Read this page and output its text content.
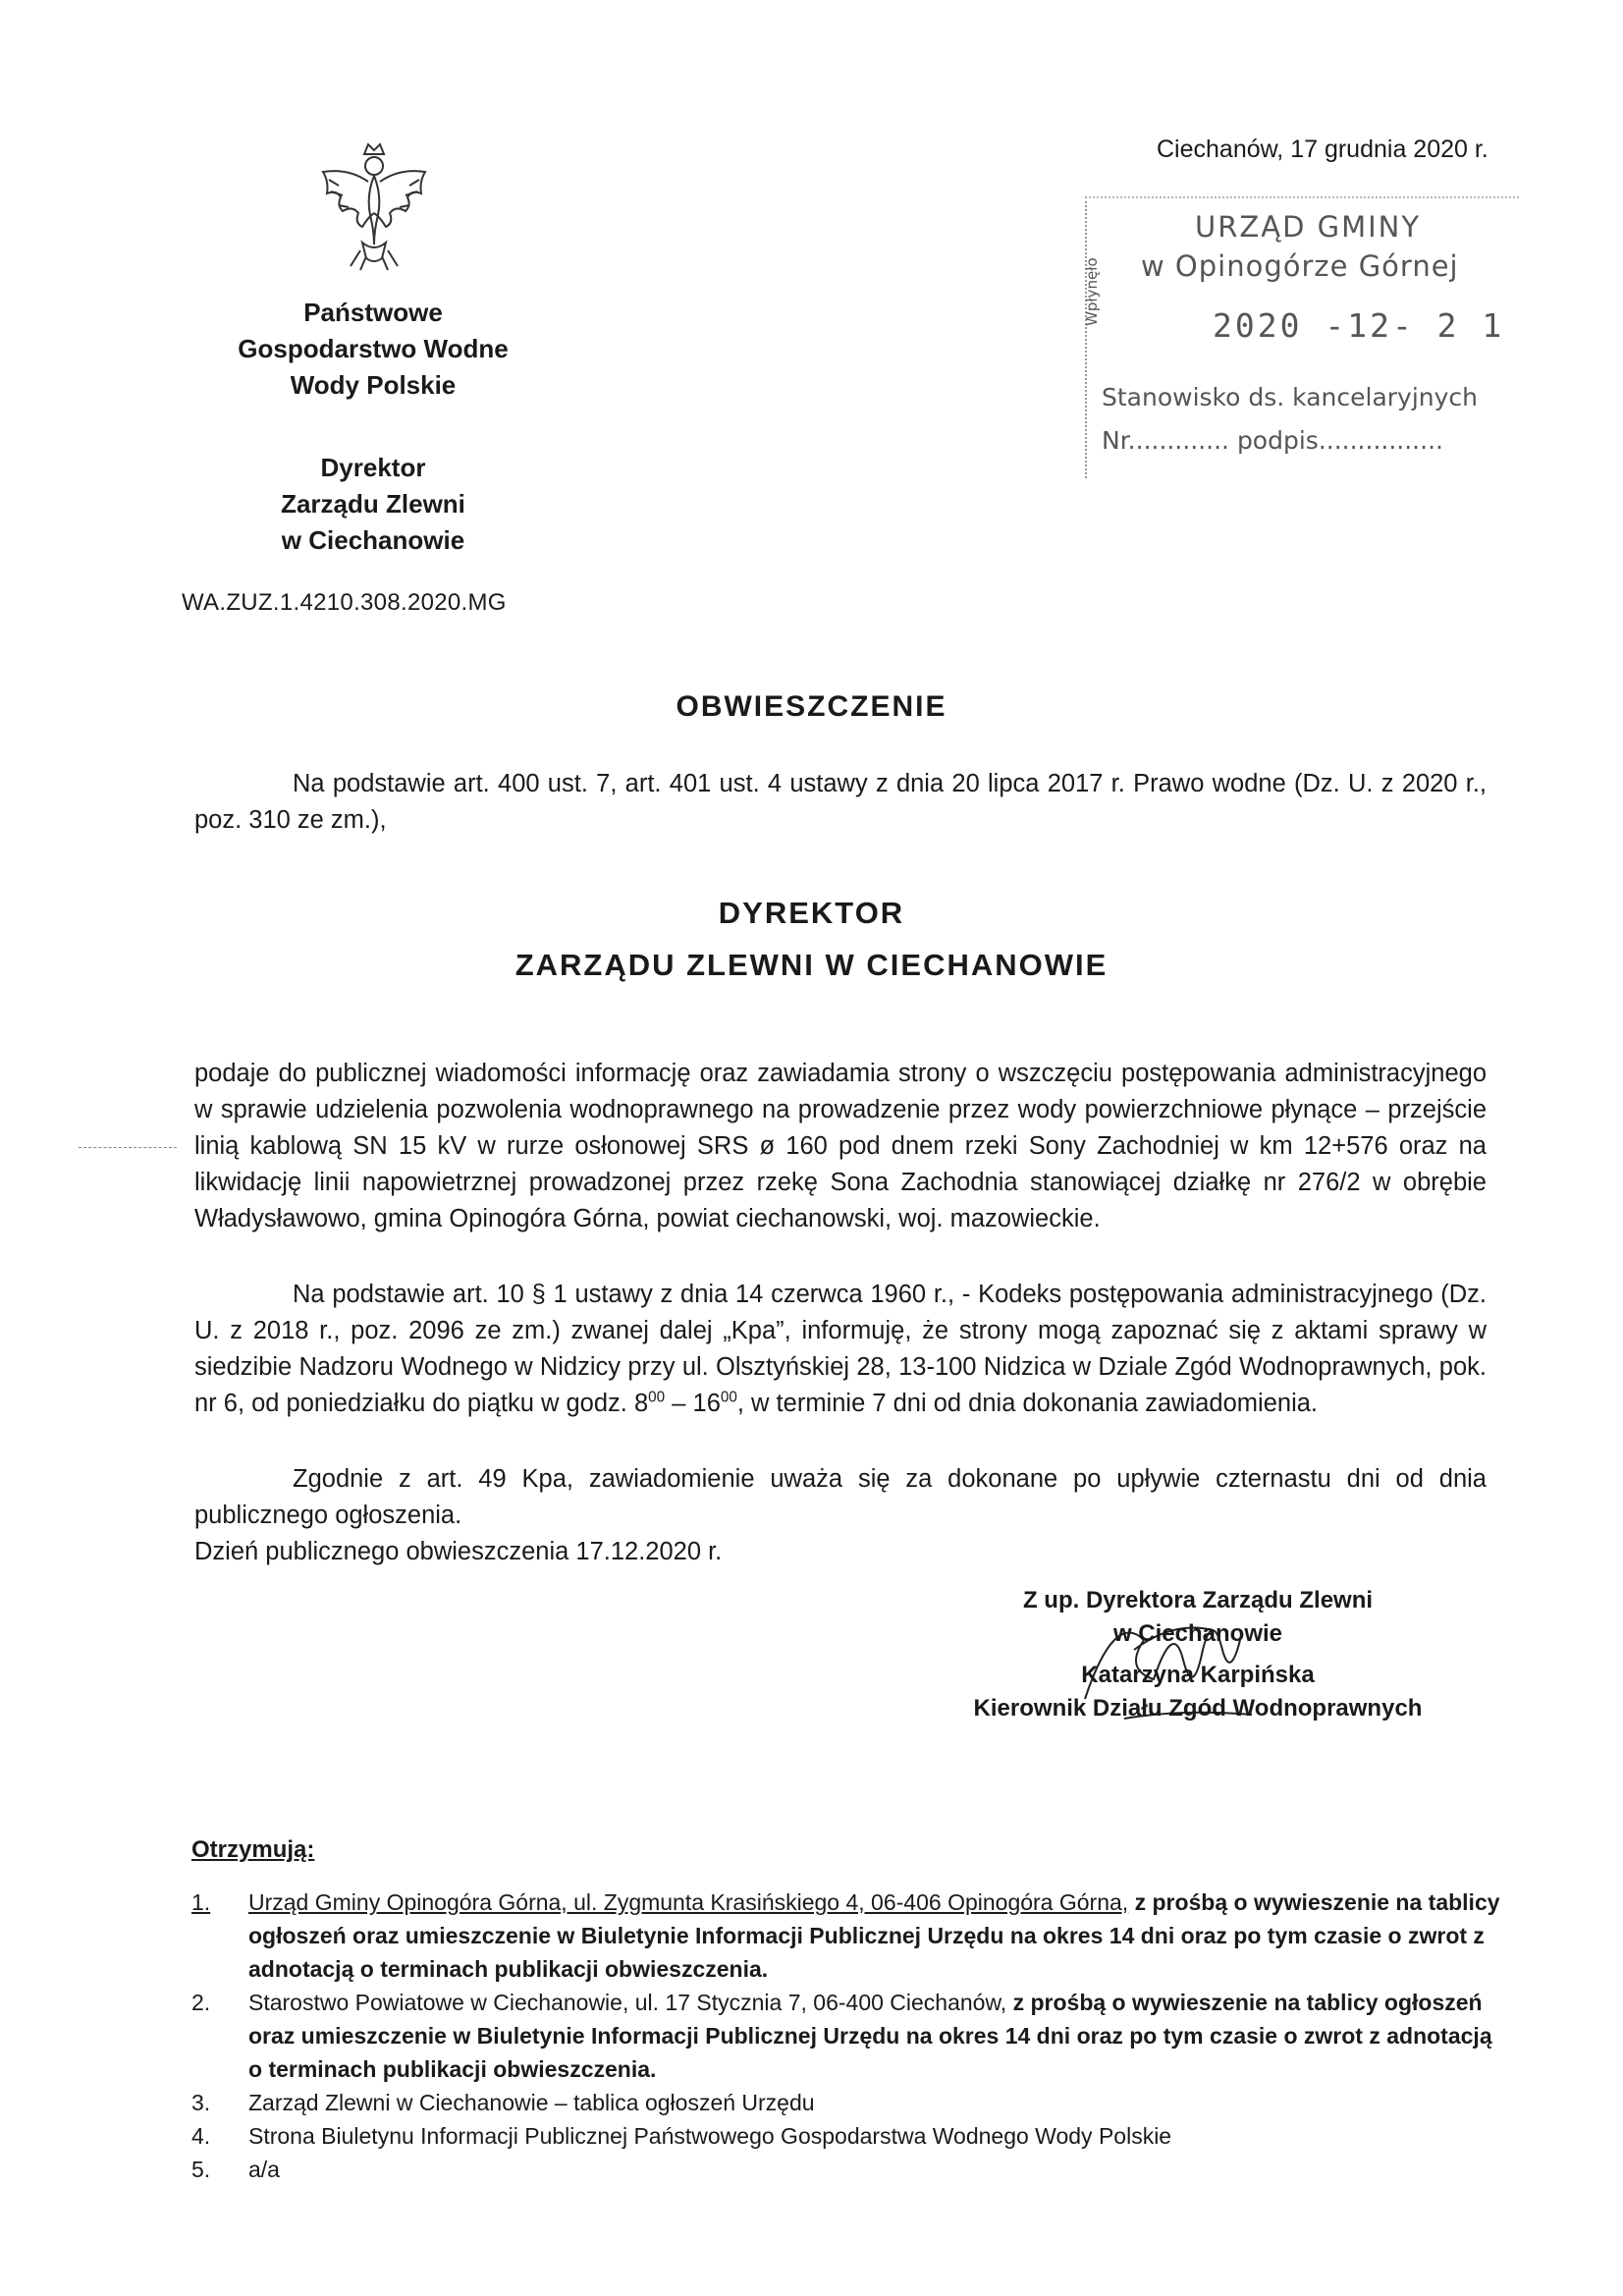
Państwowe
Gospodarstwo Wodne
Wody Polskie
Dyrektor
Zarządu Zlewni
w Ciechanowie
WA.ZUZ.1.4210.308.2020.MG
Ciechanów, 17 grudnia 2020 r.
URZĄD GMINY
w Opinogórze Górnej
Wpłynęło	2020 -12- 2 1
Stanowisko ds. kancelaryjnych
Nr............. podpis................
OBWIESZCZENIE
Na podstawie art. 400 ust. 7, art. 401 ust. 4 ustawy z dnia 20 lipca 2017 r. Prawo wodne (Dz. U. z 2020 r., poz. 310 ze zm.),
DYREKTOR
ZARZĄDU ZLEWNI W CIECHANOWIE
podaje do publicznej wiadomości informację oraz zawiadamia strony o wszczęciu postępowania administracyjnego w sprawie udzielenia pozwolenia wodnoprawnego na prowadzenie przez wody powierzchniowe płynące – przejście linią kablową SN 15 kV w rurze osłonowej SRS ø 160 pod dnem rzeki Sony Zachodniej w km 12+576 oraz na likwidację linii napowietrznej prowadzonej przez rzekę Sona Zachodnia stanowiącej działkę nr 276/2 w obrębie Władysławowo, gmina Opinogóra Górna, powiat ciechanowski, woj. mazowieckie.
Na podstawie art. 10 § 1 ustawy z dnia 14 czerwca 1960 r., - Kodeks postępowania administracyjnego (Dz. U. z 2018 r., poz. 2096 ze zm.) zwanej dalej „Kpa”, informuję, że strony mogą zapoznać się z aktami sprawy w siedzibie Nadzoru Wodnego w Nidzicy przy ul. Olsztyńskiej 28, 13-100 Nidzica w Dziale Zgód Wodnoprawnych, pok. nr 6, od poniedziałku do piątku w godz. $8^{00} - 16^{00}$, w terminie 7 dni od dnia dokonania zawiadomienia.
Zgodnie z art. 49 Kpa, zawiadomienie uważa się za dokonane po upływie czternastu dni od dnia publicznego ogłoszenia.
Dzień publicznego obwieszczenia 17.12.2020 r.
Z up. Dyrektora Zarządu Zlewni
w Ciechanowie
Katarzyna Karpińska
Kierownik Działu Zgód Wodnoprawnych
Otrzymują:
1.	Urząd Gminy Opinogóra Górna, ul. Zygmunta Krasińskiego 4, 06-406 Opinogóra Górna, z prośbą o wywieszenie na tablicy ogłoszeń oraz umieszczenie w Biuletynie Informacji Publicznej Urzędu na okres 14 dni oraz po tym czasie o zwrot z adnotacją o terminach publikacji obwieszczenia.
2.	Starostwo Powiatowe w Ciechanowie, ul. 17 Stycznia 7, 06-400 Ciechanów, z prośbą o wywieszenie na tablicy ogłoszeń oraz umieszczenie w Biuletynie Informacji Publicznej Urzędu na okres 14 dni oraz po tym czasie o zwrot z adnotacją o terminach publikacji obwieszczenia.
3.	Zarząd Zlewni w Ciechanowie – tablica ogłoszeń Urzędu
4.	Strona Biuletynu Informacji Publicznej Państwowego Gospodarstwa Wodnego Wody Polskie
5.	a/a
